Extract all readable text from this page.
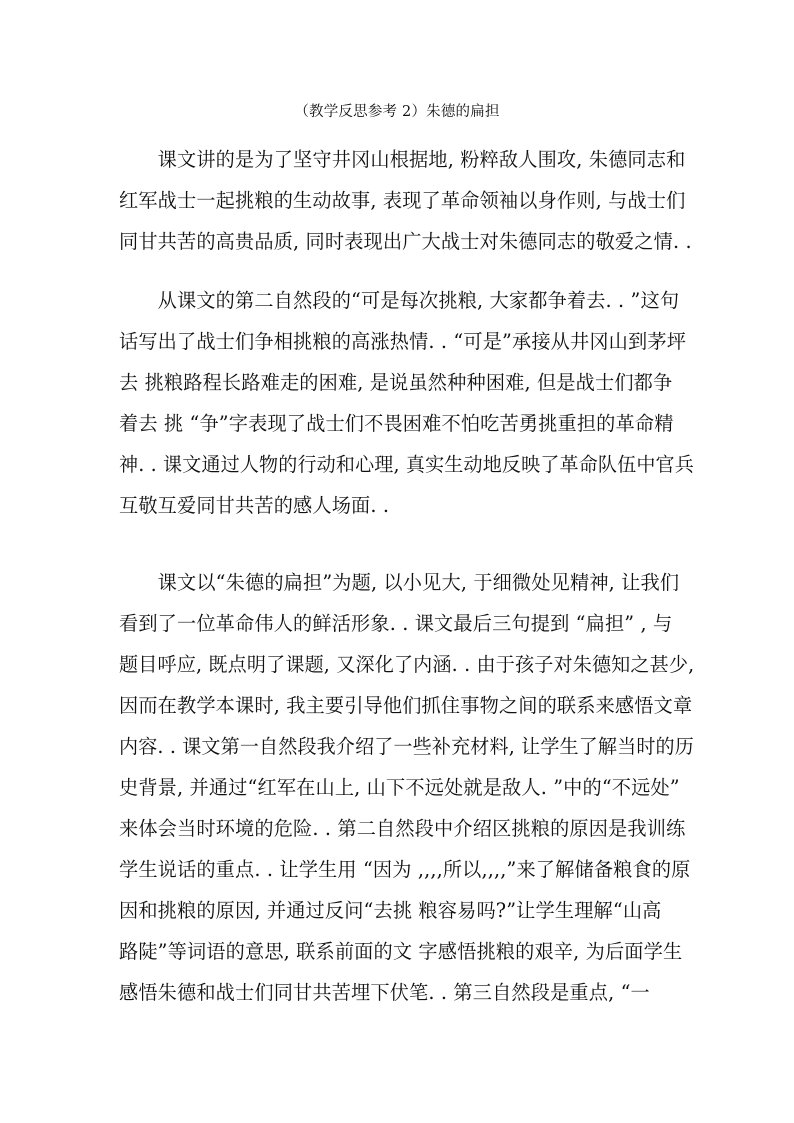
（教学反思参考 2）朱德的扁担
　　课文讲的是为了坚守井冈山根据地, 粉粹敌人围攻, 朱德同志和
红军战士一起挑粮的生动故事, 表现了革命领袖以身作则, 与战士们
同甘共苦的高贵品质, 同时表现出广大战士对朱德同志的敬爱之情. .
　　从课文的第二自然段的“可是每次挑粮, 大家都争着去. . ”这句
话写出了战士们争相挑粮的高涨热情. . “可是”承接从井冈山到茅坪
去 挑粮路程长路难走的困难, 是说虽然种种困难, 但是战士们都争
着去 挑 “争”字表现了战士们不畏困难不怕吃苦勇挑重担的革命精
神. . 课文通过人物的行动和心理, 真实生动地反映了革命队伍中官兵
互敬互爱同甘共苦的感人场面. .
　　课文以“朱德的扁担”为题, 以小见大, 于细微处见精神, 让我们
看到了一位革命伟人的鲜活形象. . 课文最后三句提到 “扁担” , 与
题目呼应, 既点明了课题, 又深化了内涵. . 由于孩子对朱德知之甚少,
因而在教学本课时, 我主要引导他们抓住事物之间的联系来感悟文章
内容. . 课文第一自然段我介绍了一些补充材料, 让学生了解当时的历
史背景, 并通过“红军在山上, 山下不远处就是敌人. ”中的“不远处”
来体会当时环境的危险. . 第二自然段中介绍区挑粮的原因是我训练
学生说话的重点. . 让学生用 “因为 ,,,,所以,,,,”来了解储备粮食的原
因和挑粮的原因, 并通过反问“去挑 粮容易吗?”让学生理解“山高
路陡”等词语的意思, 联系前面的文 字感悟挑粮的艰辛, 为后面学生
感悟朱德和战士们同甘共苦埋下伏笔. . 第三自然段是重点, “一
